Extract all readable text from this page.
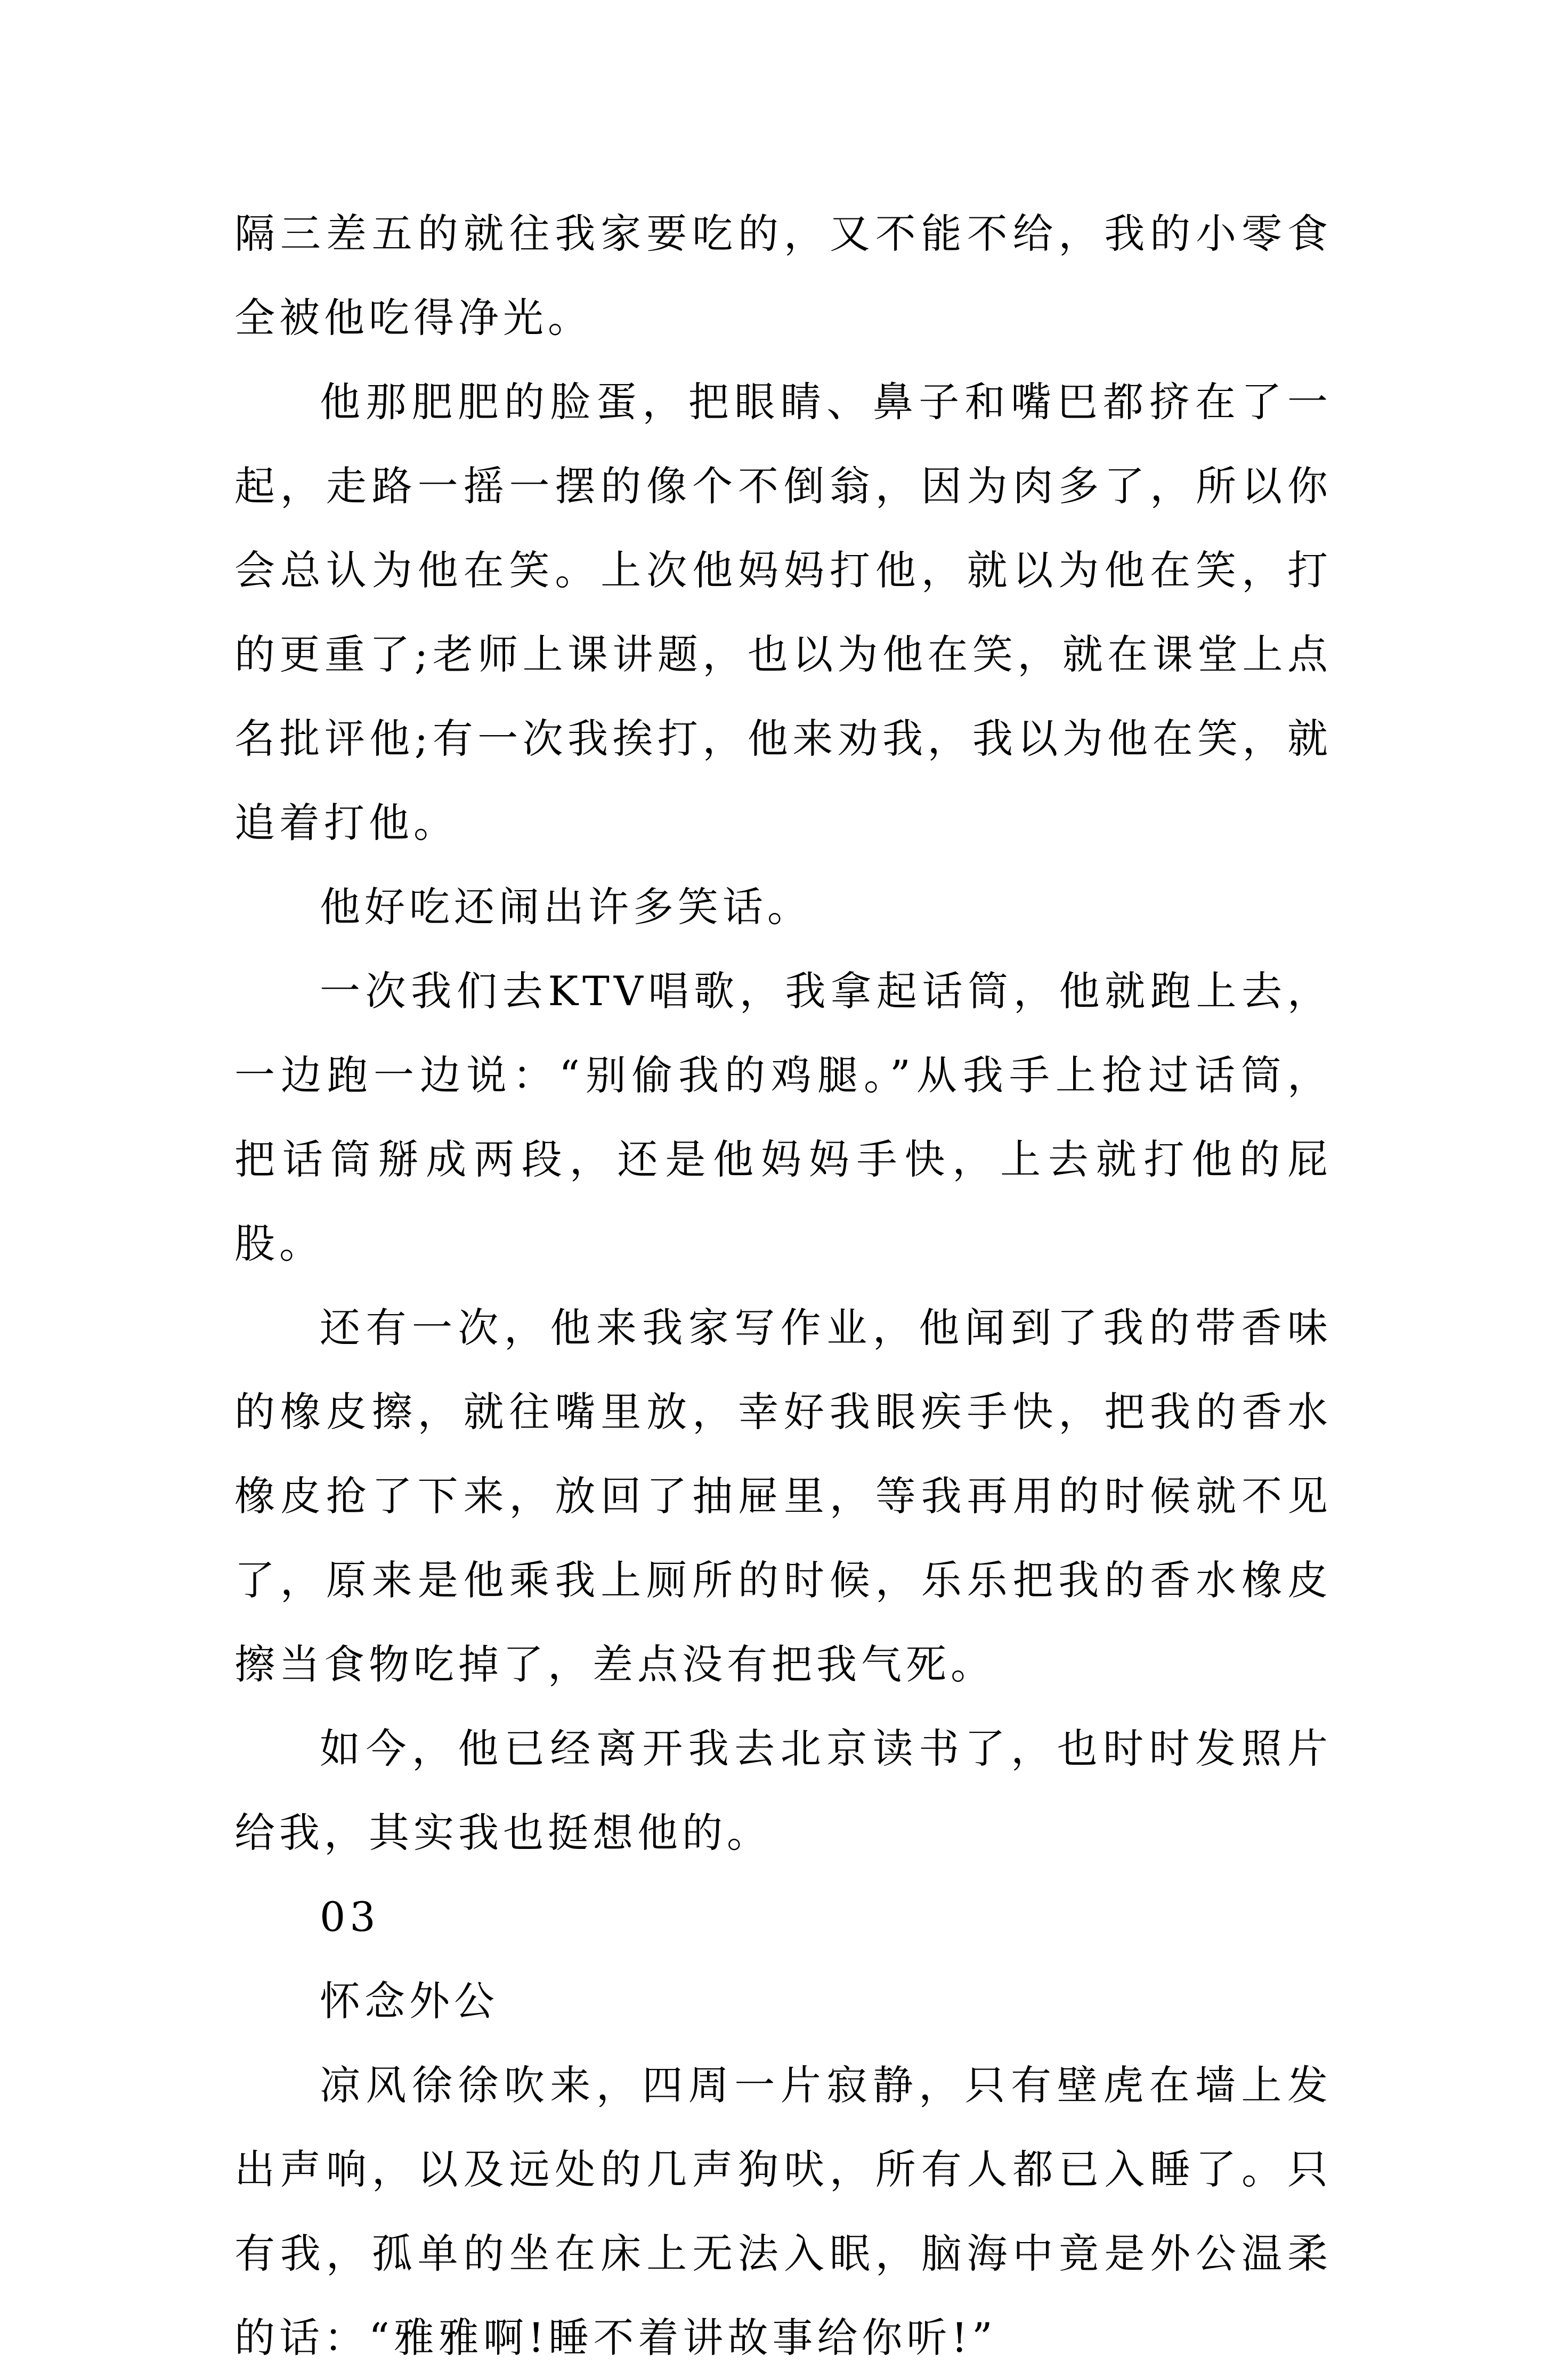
隔三差五的就往我家要吃的，又不能不给，我的小零食全被他吃得净光。

他那肥肥的脸蛋，把眼睛、鼻子和嘴巴都挤在了一起，走路一摇一摆的像个不倒翁，因为肉多了，所以你会总认为他在笑。上次他妈妈打他，就以为他在笑，打的更重了;老师上课讲题，也以为他在笑，就在课堂上点名批评他;有一次我挨打，他来劝我，我以为他在笑，就追着打他。

他好吃还闹出许多笑话。

一次我们去KTV唱歌，我拿起话筒，他就跑上去，一边跑一边说：“别偷我的鸡腿。”从我手上抢过话筒，把话筒掰成两段，还是他妈妈手快，上去就打他的屁股。

还有一次，他来我家写作业，他闻到了我的带香味的橡皮擦，就往嘴里放，幸好我眼疾手快，把我的香水橡皮抢了下来，放回了抽屉里，等我再用的时候就不见了，原来是他乘我上厕所的时候，乐乐把我的香水橡皮擦当食物吃掉了，差点没有把我气死。

如今，他已经离开我去北京读书了，也时时发照片给我，其实我也挺想他的。

03

怀念外公

凉风徐徐吹来，四周一片寂静，只有壁虎在墙上发出声响，以及远处的几声狗吠，所有人都已入睡了。只有我，孤单的坐在床上无法入眠，脑海中竟是外公温柔的话：“雅雅啊!睡不着讲故事给你听!”
